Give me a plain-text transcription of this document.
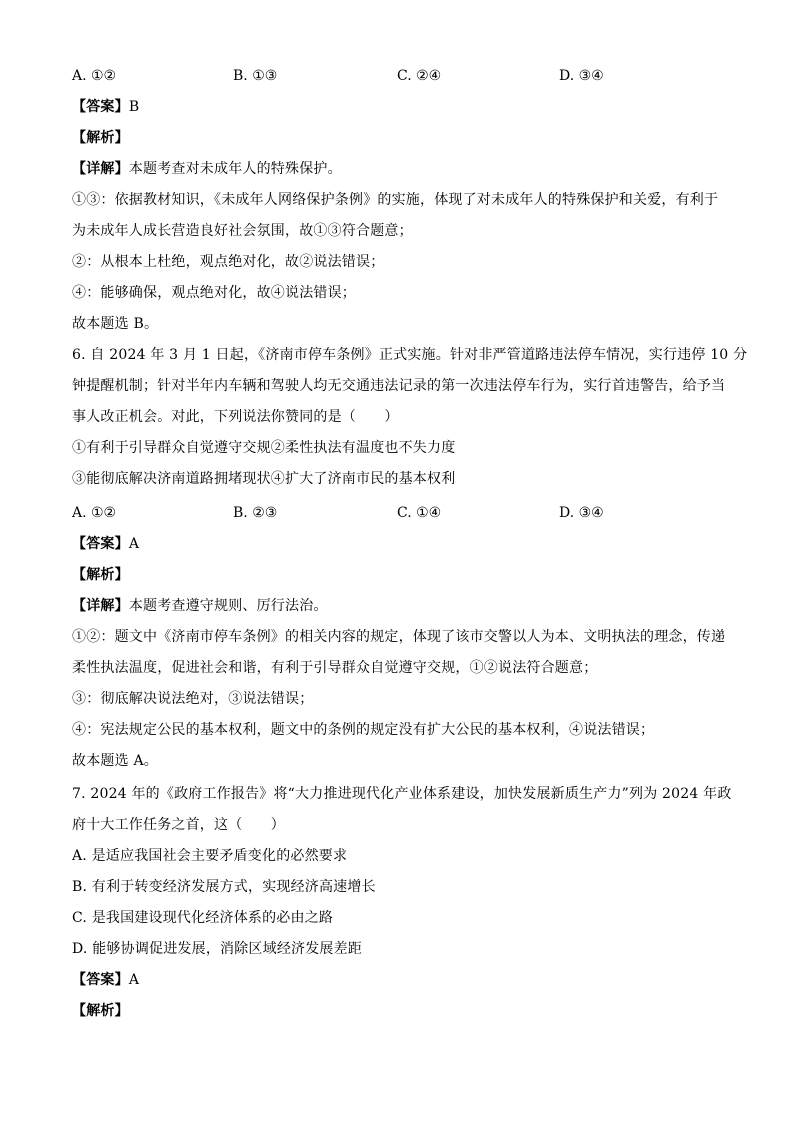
A. ①②	B. ①③	C. ②④	D. ③④
【答案】B
【解析】
【详解】本题考查对未成年人的特殊保护。
①③：依据教材知识，《未成年人网络保护条例》的实施，体现了对未成年人的特殊保护和关爱，有利于
为未成年人成长营造良好社会氛围，故①③符合题意；
②：从根本上杜绝，观点绝对化，故②说法错误；
④：能够确保，观点绝对化，故④说法错误；
故本题选 B。
6. 自 2024 年 3 月 1 日起，《济南市停车条例》正式实施。针对非严管道路违法停车情况，实行违停 10 分
钟提醒机制；针对半年内车辆和驾驶人均无交通违法记录的第一次违法停车行为，实行首违警告，给予当
事人改正机会。对此，下列说法你赞同的是（　　）
①有利于引导群众自觉遵守交规②柔性执法有温度也不失力度
③能彻底解决济南道路拥堵现状④扩大了济南市民的基本权利
A. ①②	B. ②③	C. ①④	D. ③④
【答案】A
【解析】
【详解】本题考查遵守规则、厉行法治。
①②：题文中《济南市停车条例》的相关内容的规定，体现了该市交警以人为本、文明执法的理念，传递
柔性执法温度，促进社会和谐，有利于引导群众自觉遵守交规，①②说法符合题意；
③：彻底解决说法绝对，③说法错误；
④：宪法规定公民的基本权利，题文中的条例的规定没有扩大公民的基本权利，④说法错误；
故本题选 A。
7. 2024 年的《政府工作报告》将“大力推进现代化产业体系建设，加快发展新质生产力”列为 2024 年政
府十大工作任务之首，这（　　）
A. 是适应我国社会主要矛盾变化的必然要求
B. 有利于转变经济发展方式，实现经济高速增长
C. 是我国建设现代化经济体系的必由之路
D. 能够协调促进发展，消除区域经济发展差距
【答案】A
【解析】
